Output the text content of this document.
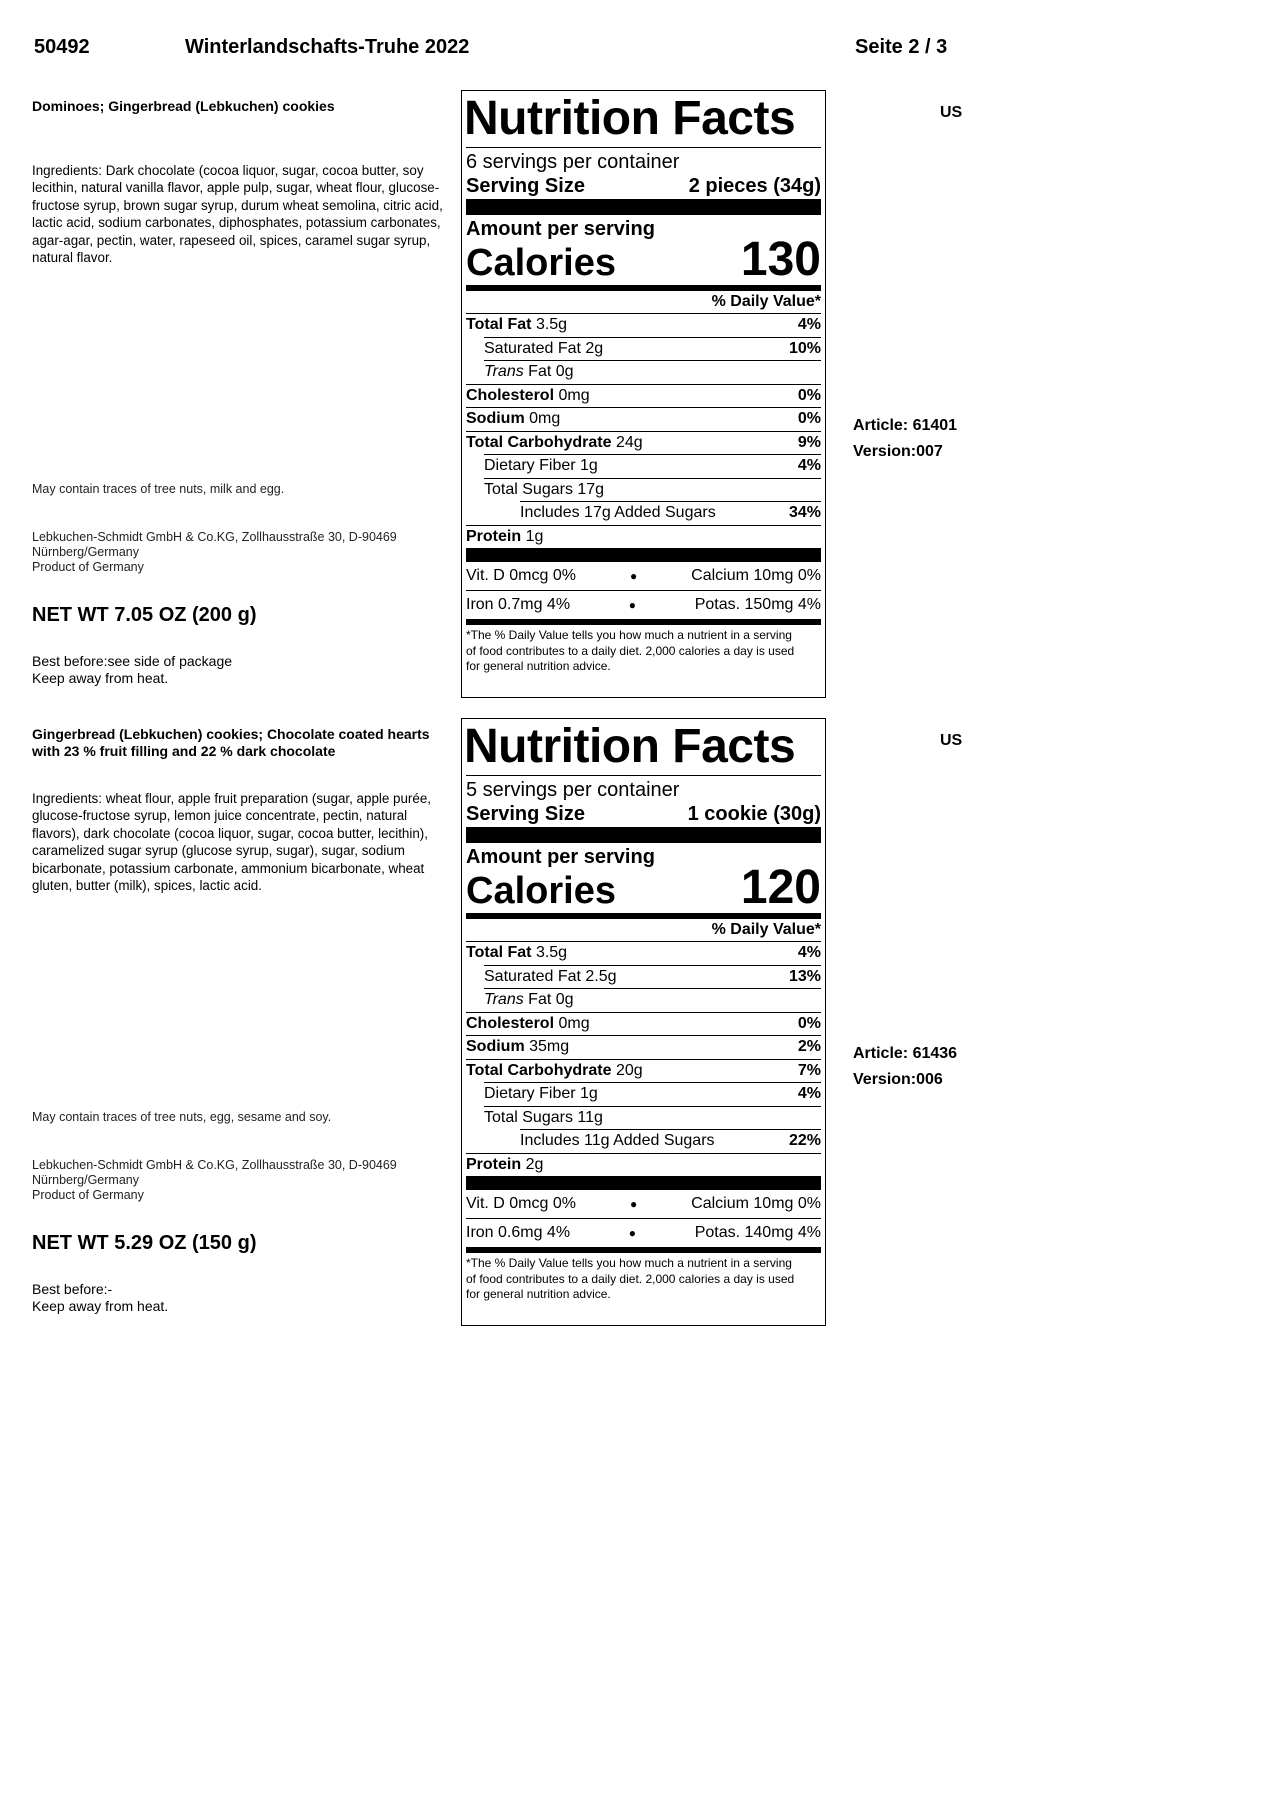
50492	Winterlandschafts-Truhe 2022	Seite 2 / 3
Dominoes; Gingerbread (Lebkuchen) cookies
Ingredients: Dark chocolate (cocoa liquor, sugar, cocoa butter, soy lecithin, natural vanilla flavor, apple pulp, sugar, wheat flour, glucose-fructose syrup, brown sugar syrup, durum wheat semolina, citric acid, lactic acid, sodium carbonates, diphosphates, potassium carbonates, agar-agar, pectin, water, rapeseed oil, spices, caramel sugar syrup, natural flavor.
May contain traces of tree nuts, milk and egg.
Lebkuchen-Schmidt GmbH & Co.KG, Zollhausstraße 30, D-90469
Nürnberg/Germany
Product of Germany
NET WT 7.05 OZ (200 g)
Best before:see side of package
Keep away from heat.
Nutrition Facts
6 servings per container
Serving Size	2 pieces (34g)
Amount per serving
Calories	130
% Daily Value*
Total Fat 3.5g	4%
Saturated Fat 2g	10%
Trans Fat 0g
Cholesterol 0mg	0%
Sodium 0mg	0%
Total Carbohydrate 24g	9%
Dietary Fiber 1g	4%
Total Sugars 17g
Includes 17g Added Sugars	34%
Protein 1g
Vit. D 0mcg 0%	●	Calcium 10mg 0%
Iron 0.7mg 4%	●	Potas. 150mg 4%
*The % Daily Value tells you how much a nutrient in a serving of food contributes to a daily diet. 2,000 calories a day is used for general nutrition advice.
US
Article: 61401
Version:007
Gingerbread (Lebkuchen) cookies; Chocolate coated hearts with 23 % fruit filling and 22 % dark chocolate
Ingredients: wheat flour, apple fruit preparation (sugar, apple purée, glucose-fructose syrup, lemon juice concentrate, pectin, natural flavors), dark chocolate (cocoa liquor, sugar, cocoa butter, lecithin), caramelized sugar syrup (glucose syrup, sugar), sugar, sodium bicarbonate, potassium carbonate, ammonium bicarbonate, wheat gluten, butter (milk), spices, lactic acid.
May contain traces of tree nuts, egg, sesame and soy.
Lebkuchen-Schmidt GmbH & Co.KG, Zollhausstraße 30, D-90469
Nürnberg/Germany
Product of Germany
NET WT 5.29 OZ (150 g)
Best before:-
Keep away from heat.
Nutrition Facts
5 servings per container
Serving Size	1 cookie (30g)
Amount per serving
Calories	120
% Daily Value*
Total Fat 3.5g	4%
Saturated Fat 2.5g	13%
Trans Fat 0g
Cholesterol 0mg	0%
Sodium 35mg	2%
Total Carbohydrate 20g	7%
Dietary Fiber 1g	4%
Total Sugars 11g
Includes 11g Added Sugars	22%
Protein 2g
Vit. D 0mcg 0%	●	Calcium 10mg 0%
Iron 0.6mg 4%	●	Potas. 140mg 4%
*The % Daily Value tells you how much a nutrient in a serving of food contributes to a daily diet. 2,000 calories a day is used for general nutrition advice.
US
Article: 61436
Version:006
